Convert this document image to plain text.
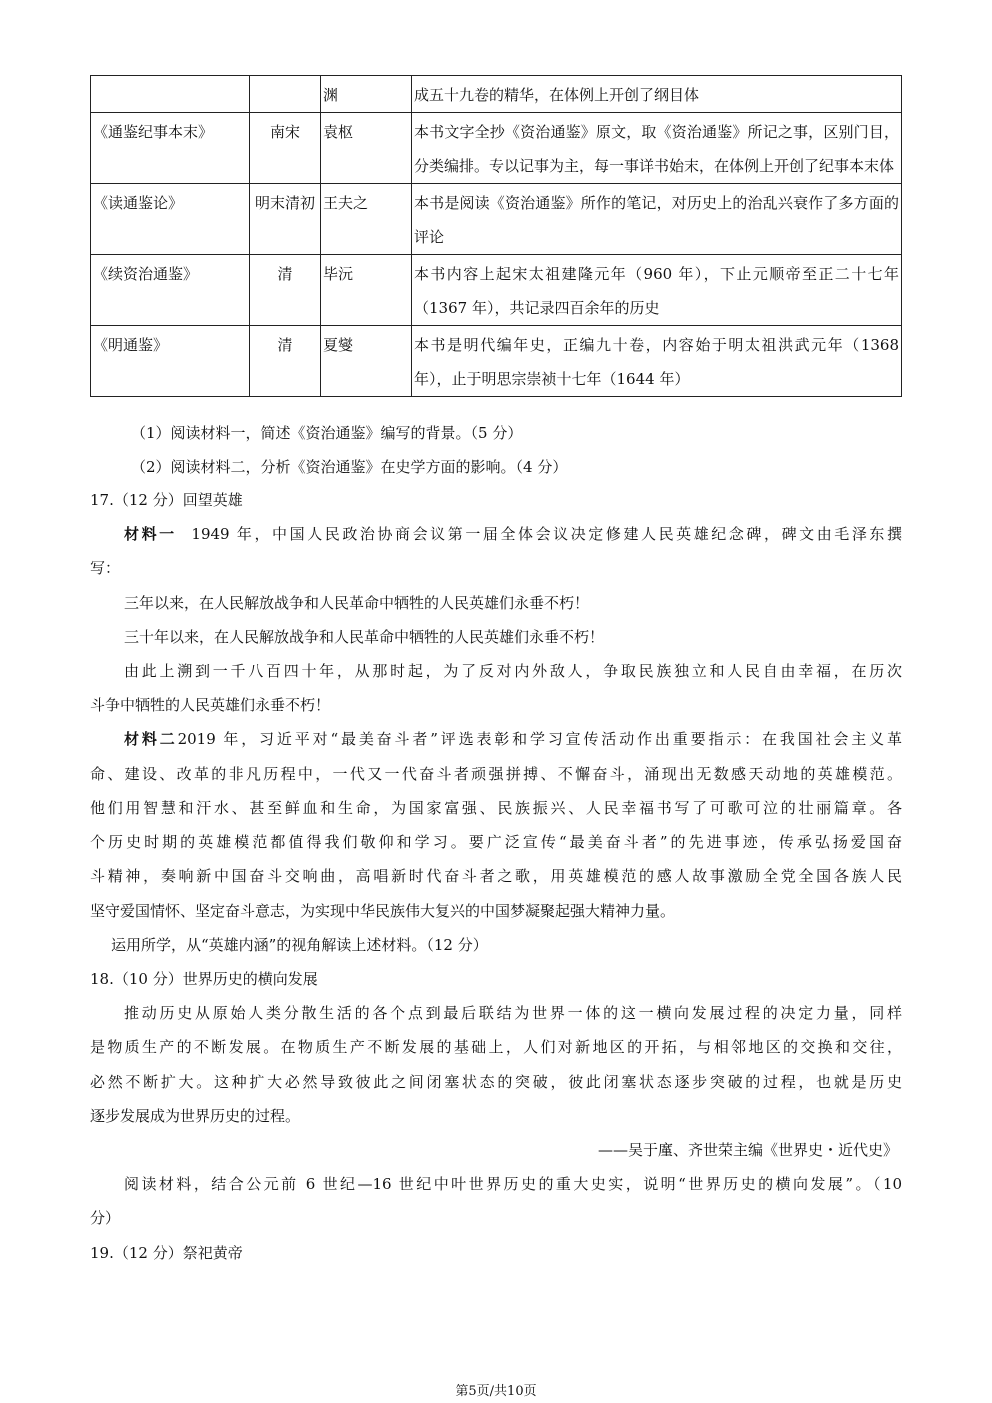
		渊	成五十九卷的精华，在体例上开创了纲目体
《通鉴纪事本末》	南宋	袁枢	本书文字全抄《资治通鉴》原文，取《资治通鉴》所记之事，区别门目，分类编排。专以记事为主，每一事详书始末，在体例上开创了纪事本末体
《读通鉴论》	明末清初	王夫之	本书是阅读《资治通鉴》所作的笔记，对历史上的治乱兴衰作了多方面的评论
《续资治通鉴》	清	毕沅	本书内容上起宋太祖建隆元年（960 年），下止元顺帝至正二十七年（1367 年），共记录四百余年的历史
《明通鉴》	清	夏燮	本书是明代编年史，正编九十卷，内容始于明太祖洪武元年（1368 年），止于明思宗崇祯十七年（1644 年）
（1）阅读材料一，简述《资治通鉴》编写的背景。（5 分）
（2）阅读材料二，分析《资治通鉴》在史学方面的影响。（4 分）
17.（12 分）回望英雄
材料一 1949 年，中国人民政治协商会议第一届全体会议决定修建人民英雄纪念碑，碑文由毛泽东撰
写：
三年以来，在人民解放战争和人民革命中牺牲的人民英雄们永垂不朽！
三十年以来，在人民解放战争和人民革命中牺牲的人民英雄们永垂不朽！
由此上溯到一千八百四十年，从那时起，为了反对内外敌人，争取民族独立和人民自由幸福，在历次
斗争中牺牲的人民英雄们永垂不朽！
材料二2019 年，习近平对“最美奋斗者”评选表彰和学习宣传活动作出重要指示：在我国社会主义革
命、建设、改革的非凡历程中，一代又一代奋斗者顽强拼搏、不懈奋斗，涌现出无数感天动地的英雄模范。
他们用智慧和汗水、甚至鲜血和生命，为国家富强、民族振兴、人民幸福书写了可歌可泣的壮丽篇章。各
个历史时期的英雄模范都值得我们敬仰和学习。要广泛宣传“最美奋斗者”的先进事迹，传承弘扬爱国奋
斗精神，奏响新中国奋斗交响曲，高唱新时代奋斗者之歌，用英雄模范的感人故事激励全党全国各族人民
坚守爱国情怀、坚定奋斗意志，为实现中华民族伟大复兴的中国梦凝聚起强大精神力量。
运用所学，从“英雄内涵”的视角解读上述材料。（12 分）
18.（10 分）世界历史的横向发展
推动历史从原始人类分散生活的各个点到最后联结为世界一体的这一横向发展过程的决定力量，同样
是物质生产的不断发展。在物质生产不断发展的基础上，人们对新地区的开拓，与相邻地区的交换和交往，
必然不断扩大。这种扩大必然导致彼此之间闭塞状态的突破，彼此闭塞状态逐步突破的过程，也就是历史
逐步发展成为世界历史的过程。
——吴于廑、齐世荣主编《世界史・近代史》
阅读材料，结合公元前 6 世纪—16 世纪中叶世界历史的重大史实，说明“世界历史的横向发展”。（10
分）
19.（12 分）祭祀黄帝
第5页/共10页
